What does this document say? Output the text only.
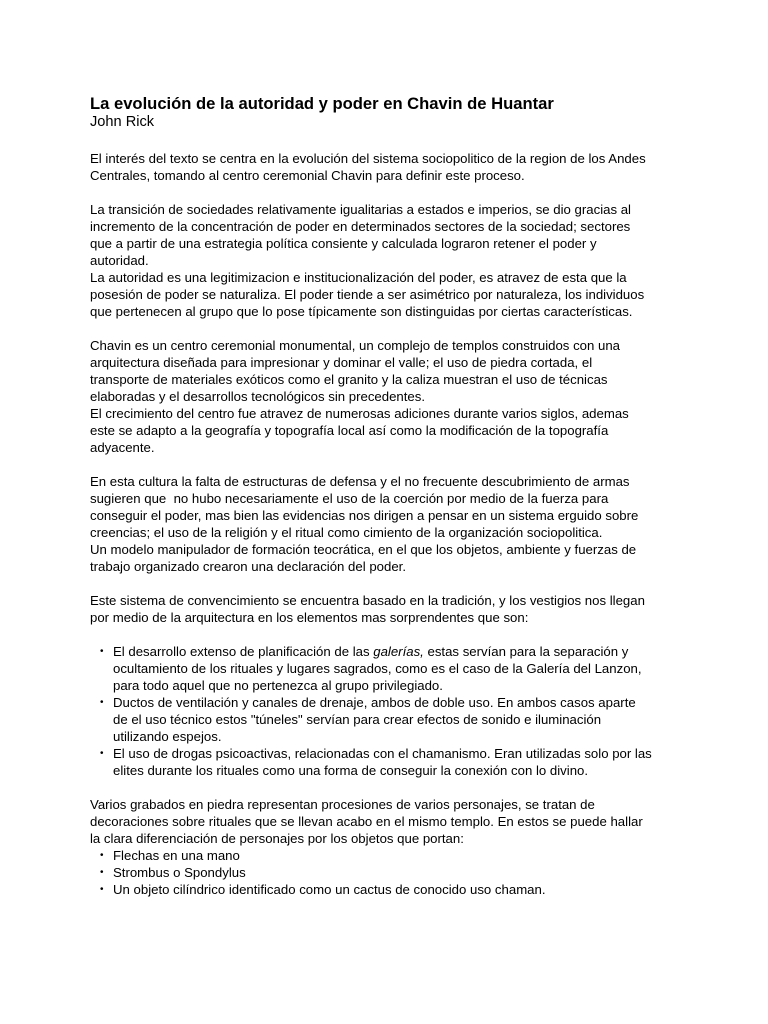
La evolución de la autoridad y poder en Chavin de Huantar
John Rick

El interés del texto se centra en la evolución del sistema sociopolitico de la region de los Andes
Centrales, tomando al centro ceremonial Chavin para definir este proceso.

La transición de sociedades relativamente igualitarias a estados e imperios, se dio gracias al
incremento de la concentración de poder en determinados sectores de la sociedad; sectores
que a partir de una estrategia política consiente y calculada lograron retener el poder y
autoridad.
La autoridad es una legitimizacion e institucionalización del poder, es atravez de esta que la
posesión de poder se naturaliza. El poder tiende a ser asimétrico por naturaleza, los individuos
que pertenecen al grupo que lo pose típicamente son distinguidas por ciertas características.

Chavin es un centro ceremonial monumental, un complejo de templos construidos con una
arquitectura diseñada para impresionar y dominar el valle; el uso de piedra cortada, el
transporte de materiales exóticos como el granito y la caliza muestran el uso de técnicas
elaboradas y el desarrollos tecnológicos sin precedentes.
El crecimiento del centro fue atravez de numerosas adiciones durante varios siglos, ademas
este se adapto a la geografía y topografía local así como la modificación de la topografía
adyacente.

En esta cultura la falta de estructuras de defensa y el no frecuente descubrimiento de armas
sugieren que  no hubo necesariamente el uso de la coerción por medio de la fuerza para
conseguir el poder, mas bien las evidencias nos dirigen a pensar en un sistema erguido sobre
creencias; el uso de la religión y el ritual como cimiento de la organización sociopolitica.
Un modelo manipulador de formación teocrática, en el que los objetos, ambiente y fuerzas de
trabajo organizado crearon una declaración del poder.

Este sistema de convencimiento se encuentra basado en la tradición, y los vestigios nos llegan
por medio de la arquitectura en los elementos mas sorprendentes que son:

• El desarrollo extenso de planificación de las galerías, estas servían para la separación y
ocultamiento de los rituales y lugares sagrados, como es el caso de la Galería del Lanzon,
para todo aquel que no pertenezca al grupo privilegiado.
• Ductos de ventilación y canales de drenaje, ambos de doble uso. En ambos casos aparte
de el uso técnico estos "túneles" servían para crear efectos de sonido e iluminación
utilizando espejos.
• El uso de drogas psicoactivas, relacionadas con el chamanismo. Eran utilizadas solo por las
elites durante los rituales como una forma de conseguir la conexión con lo divino.

Varios grabados en piedra representan procesiones de varios personajes, se tratan de
decoraciones sobre rituales que se llevan acabo en el mismo templo. En estos se puede hallar
la clara diferenciación de personajes por los objetos que portan:

• Flechas en una mano
• Strombus o Spondylus
• Un objeto cilíndrico identificado como un cactus de conocido uso chaman.
